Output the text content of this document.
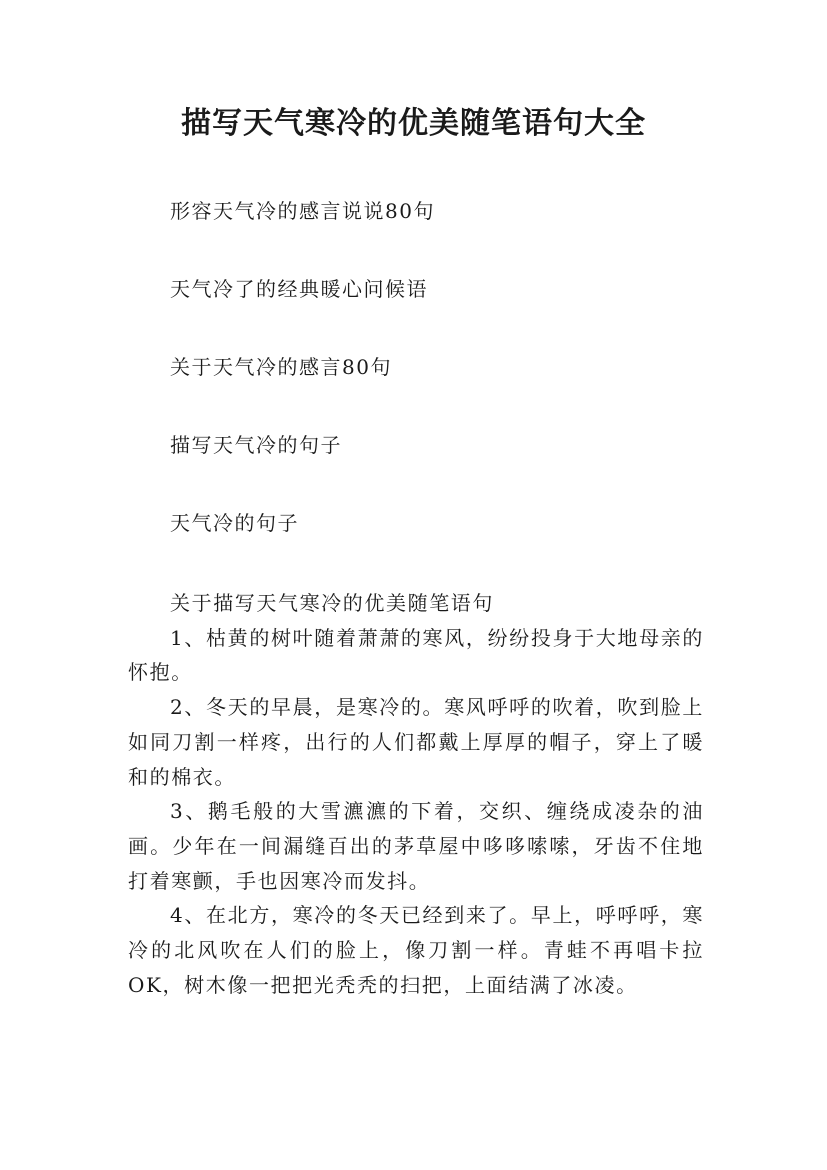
描写天气寒冷的优美随笔语句大全
形容天气冷的感言说说80句
天气冷了的经典暖心问候语
关于天气冷的感言80句
描写天气冷的句子
天气冷的句子

关于描写天气寒冷的优美随笔语句

1、枯黄的树叶随着萧萧的寒风，纷纷投身于大地母亲的怀抱。

2、冬天的早晨，是寒冷的。寒风呼呼的吹着，吹到脸上如同刀割一样疼，出行的人们都戴上厚厚的帽子，穿上了暖和的棉衣。

3、鹅毛般的大雪瀌瀌的下着，交织、缠绕成凌杂的油画。少年在一间漏缝百出的茅草屋中哆哆嗦嗦，牙齿不住地打着寒颤，手也因寒冷而发抖。

4、在北方，寒冷的冬天已经到来了。早上，呼呼呼，寒冷的北风吹在人们的脸上，像刀割一样。青蛙不再唱卡拉OK，树木像一把把光秃秃的扫把，上面结满了冰凌。
